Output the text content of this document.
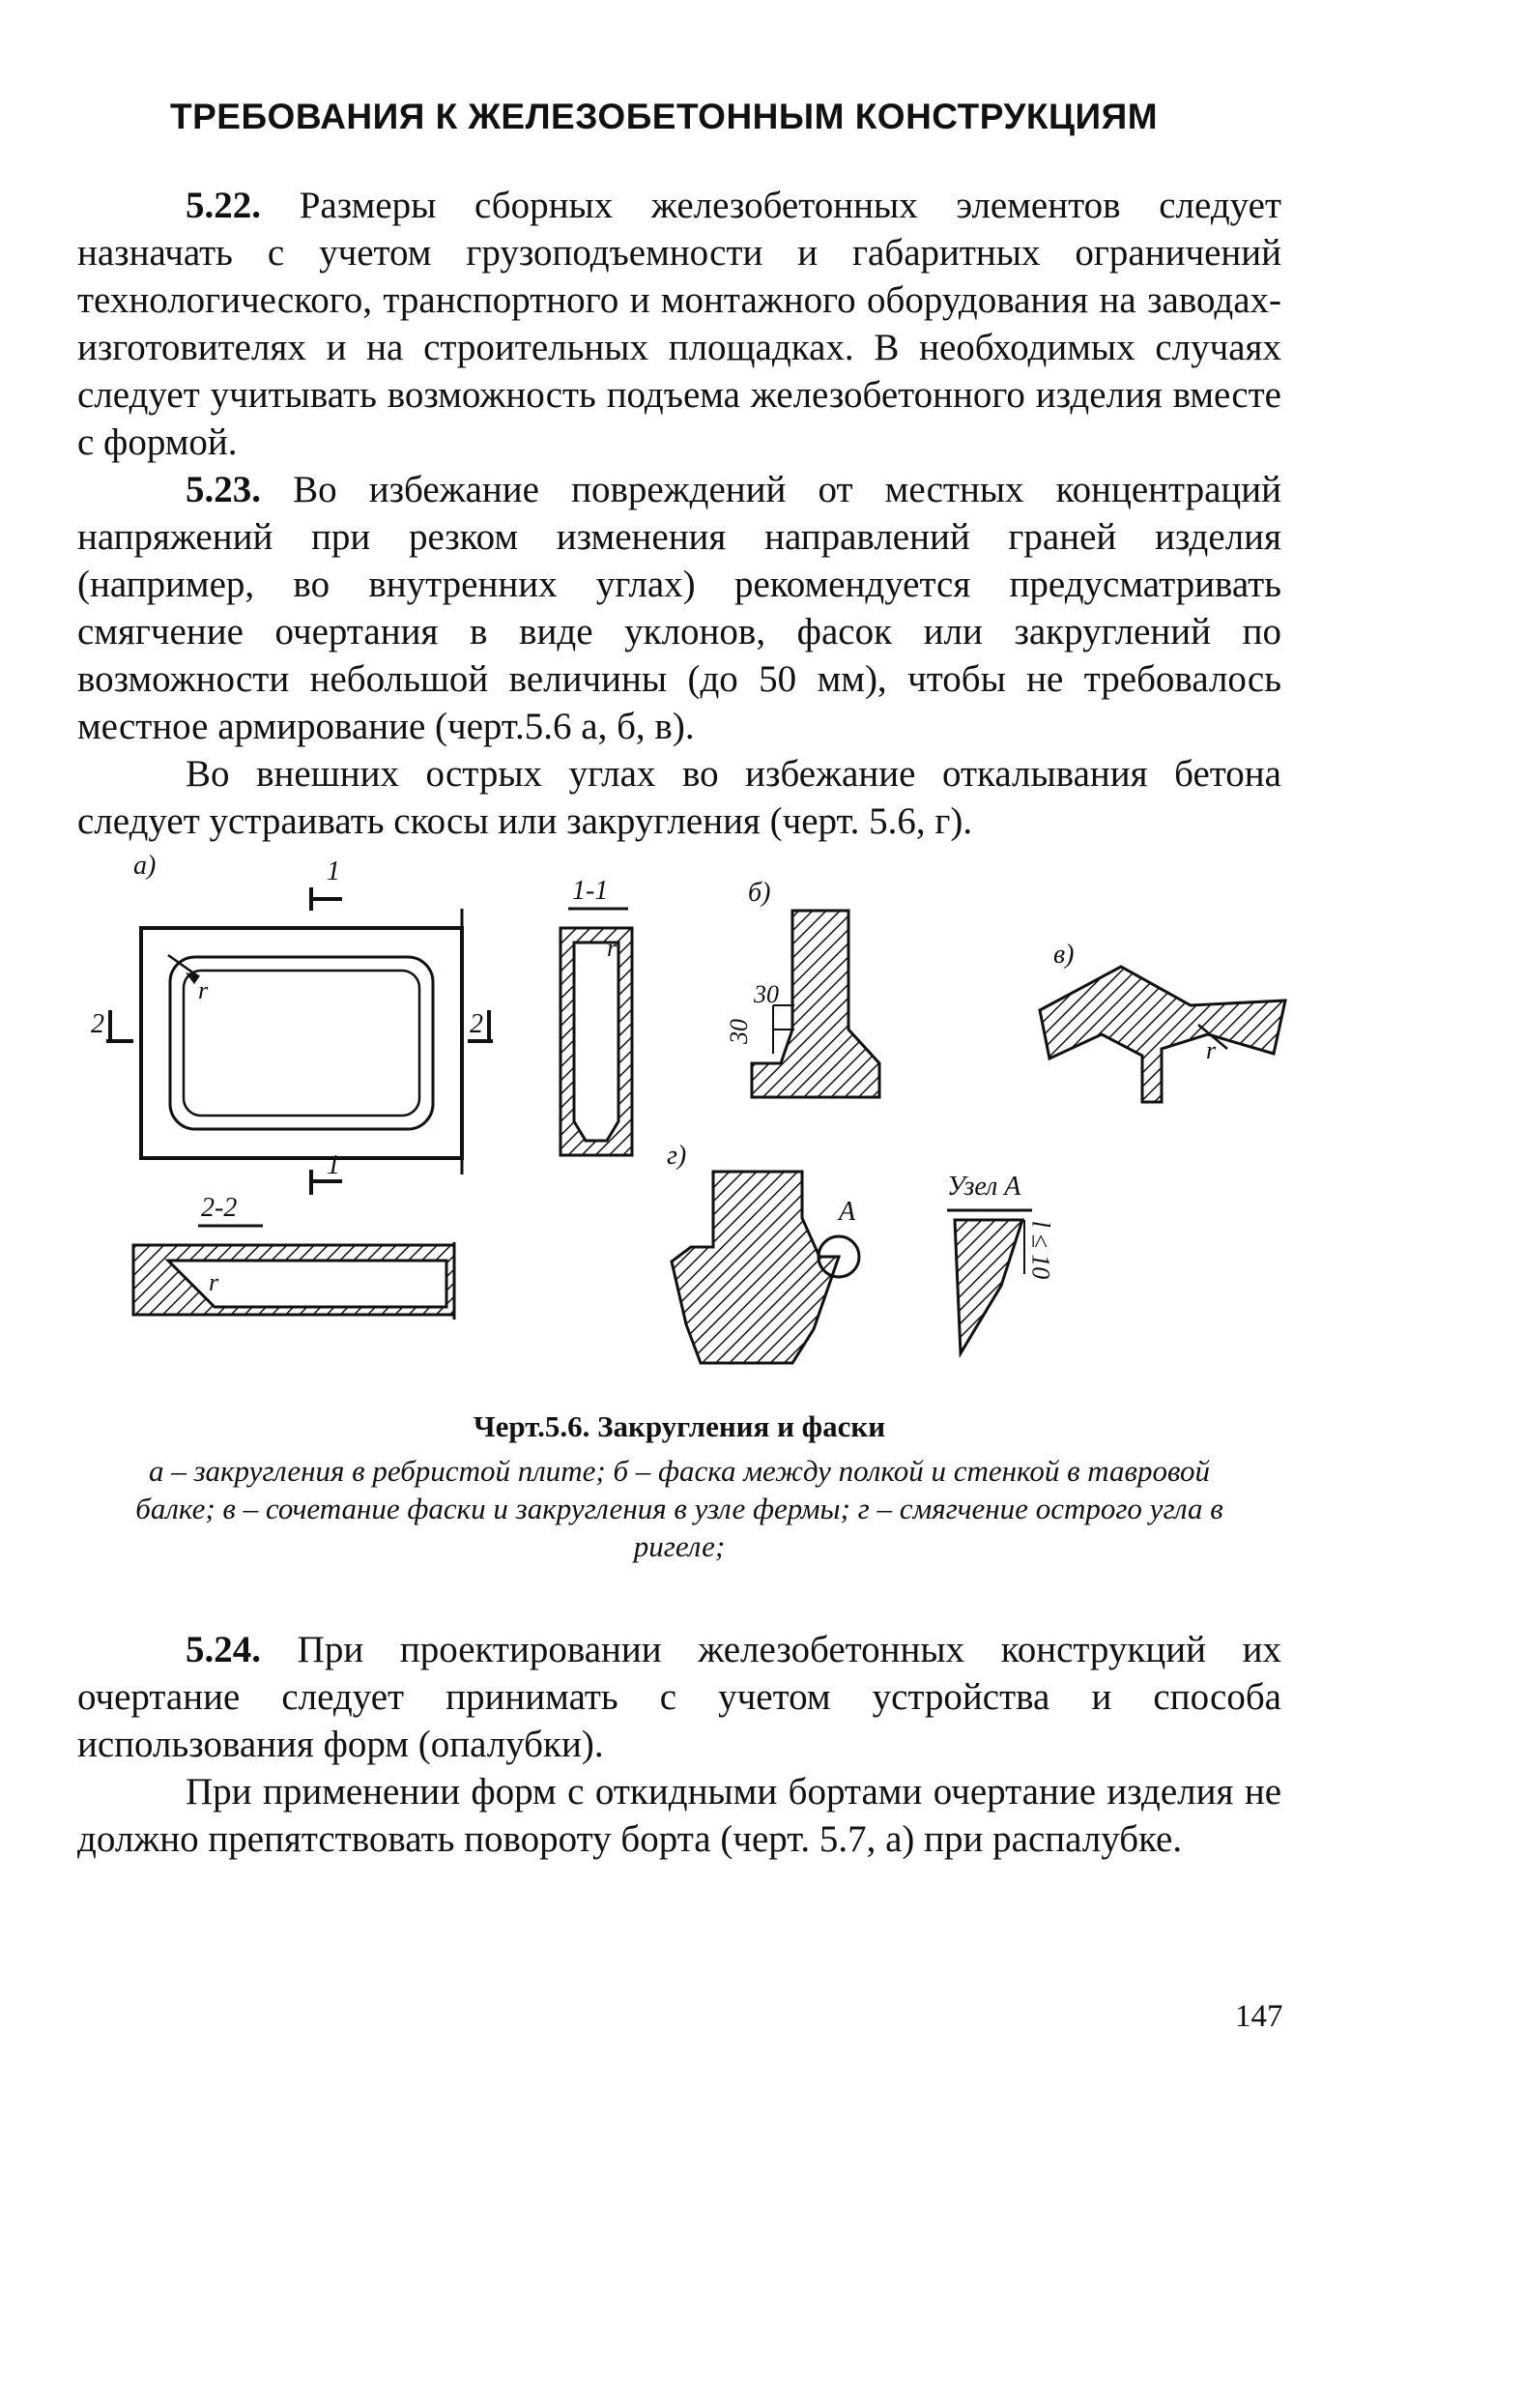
ТРЕБОВАНИЯ К ЖЕЛЕЗОБЕТОННЫМ КОНСТРУКЦИЯМ

5.22. Размеры сборных железобетонных элементов следует назначать с учетом грузоподъемности и габаритных ограничений технологического, транспортного и монтажного оборудования на заводах-изготовителях и на строительных площадках. В необходимых случаях следует учитывать возможность подъема железобетонного изделия вместе с формой.

5.23. Во избежание повреждений от местных концентраций напряжений при резком изменения направлений граней изделия (например, во внутренних углах) рекомендуется предусматривать смягчение очертания в виде уклонов, фасок или закруглений по возможности небольшой величины (до 50 мм), чтобы не требовалось местное армирование (черт.5.6 а, б, в).

Во внешних острых углах во избежание откалывания бетона следует устраивать скосы или закругления (черт. 5.6, г).

а)	1
1
2	2
r
1-1
r
2-2
r
б)
30
30
в)
r
г)
А
Узел А
l ≤ 10
Черт.5.6. Закругления и фаски
а – закругления в ребристой плите; б – фаска между полкой и стенкой в тавровой балке; в – сочетание фаски и закругления в узле фермы; г – смягчение острого угла в ригеле;

5.24. При проектировании железобетонных конструкций их очертание следует принимать с учетом устройства и способа использования форм (опалубки).

При применении форм с откидными бортами очертание изделия не должно препятствовать повороту борта (черт. 5.7, а) при распалубке.

147
